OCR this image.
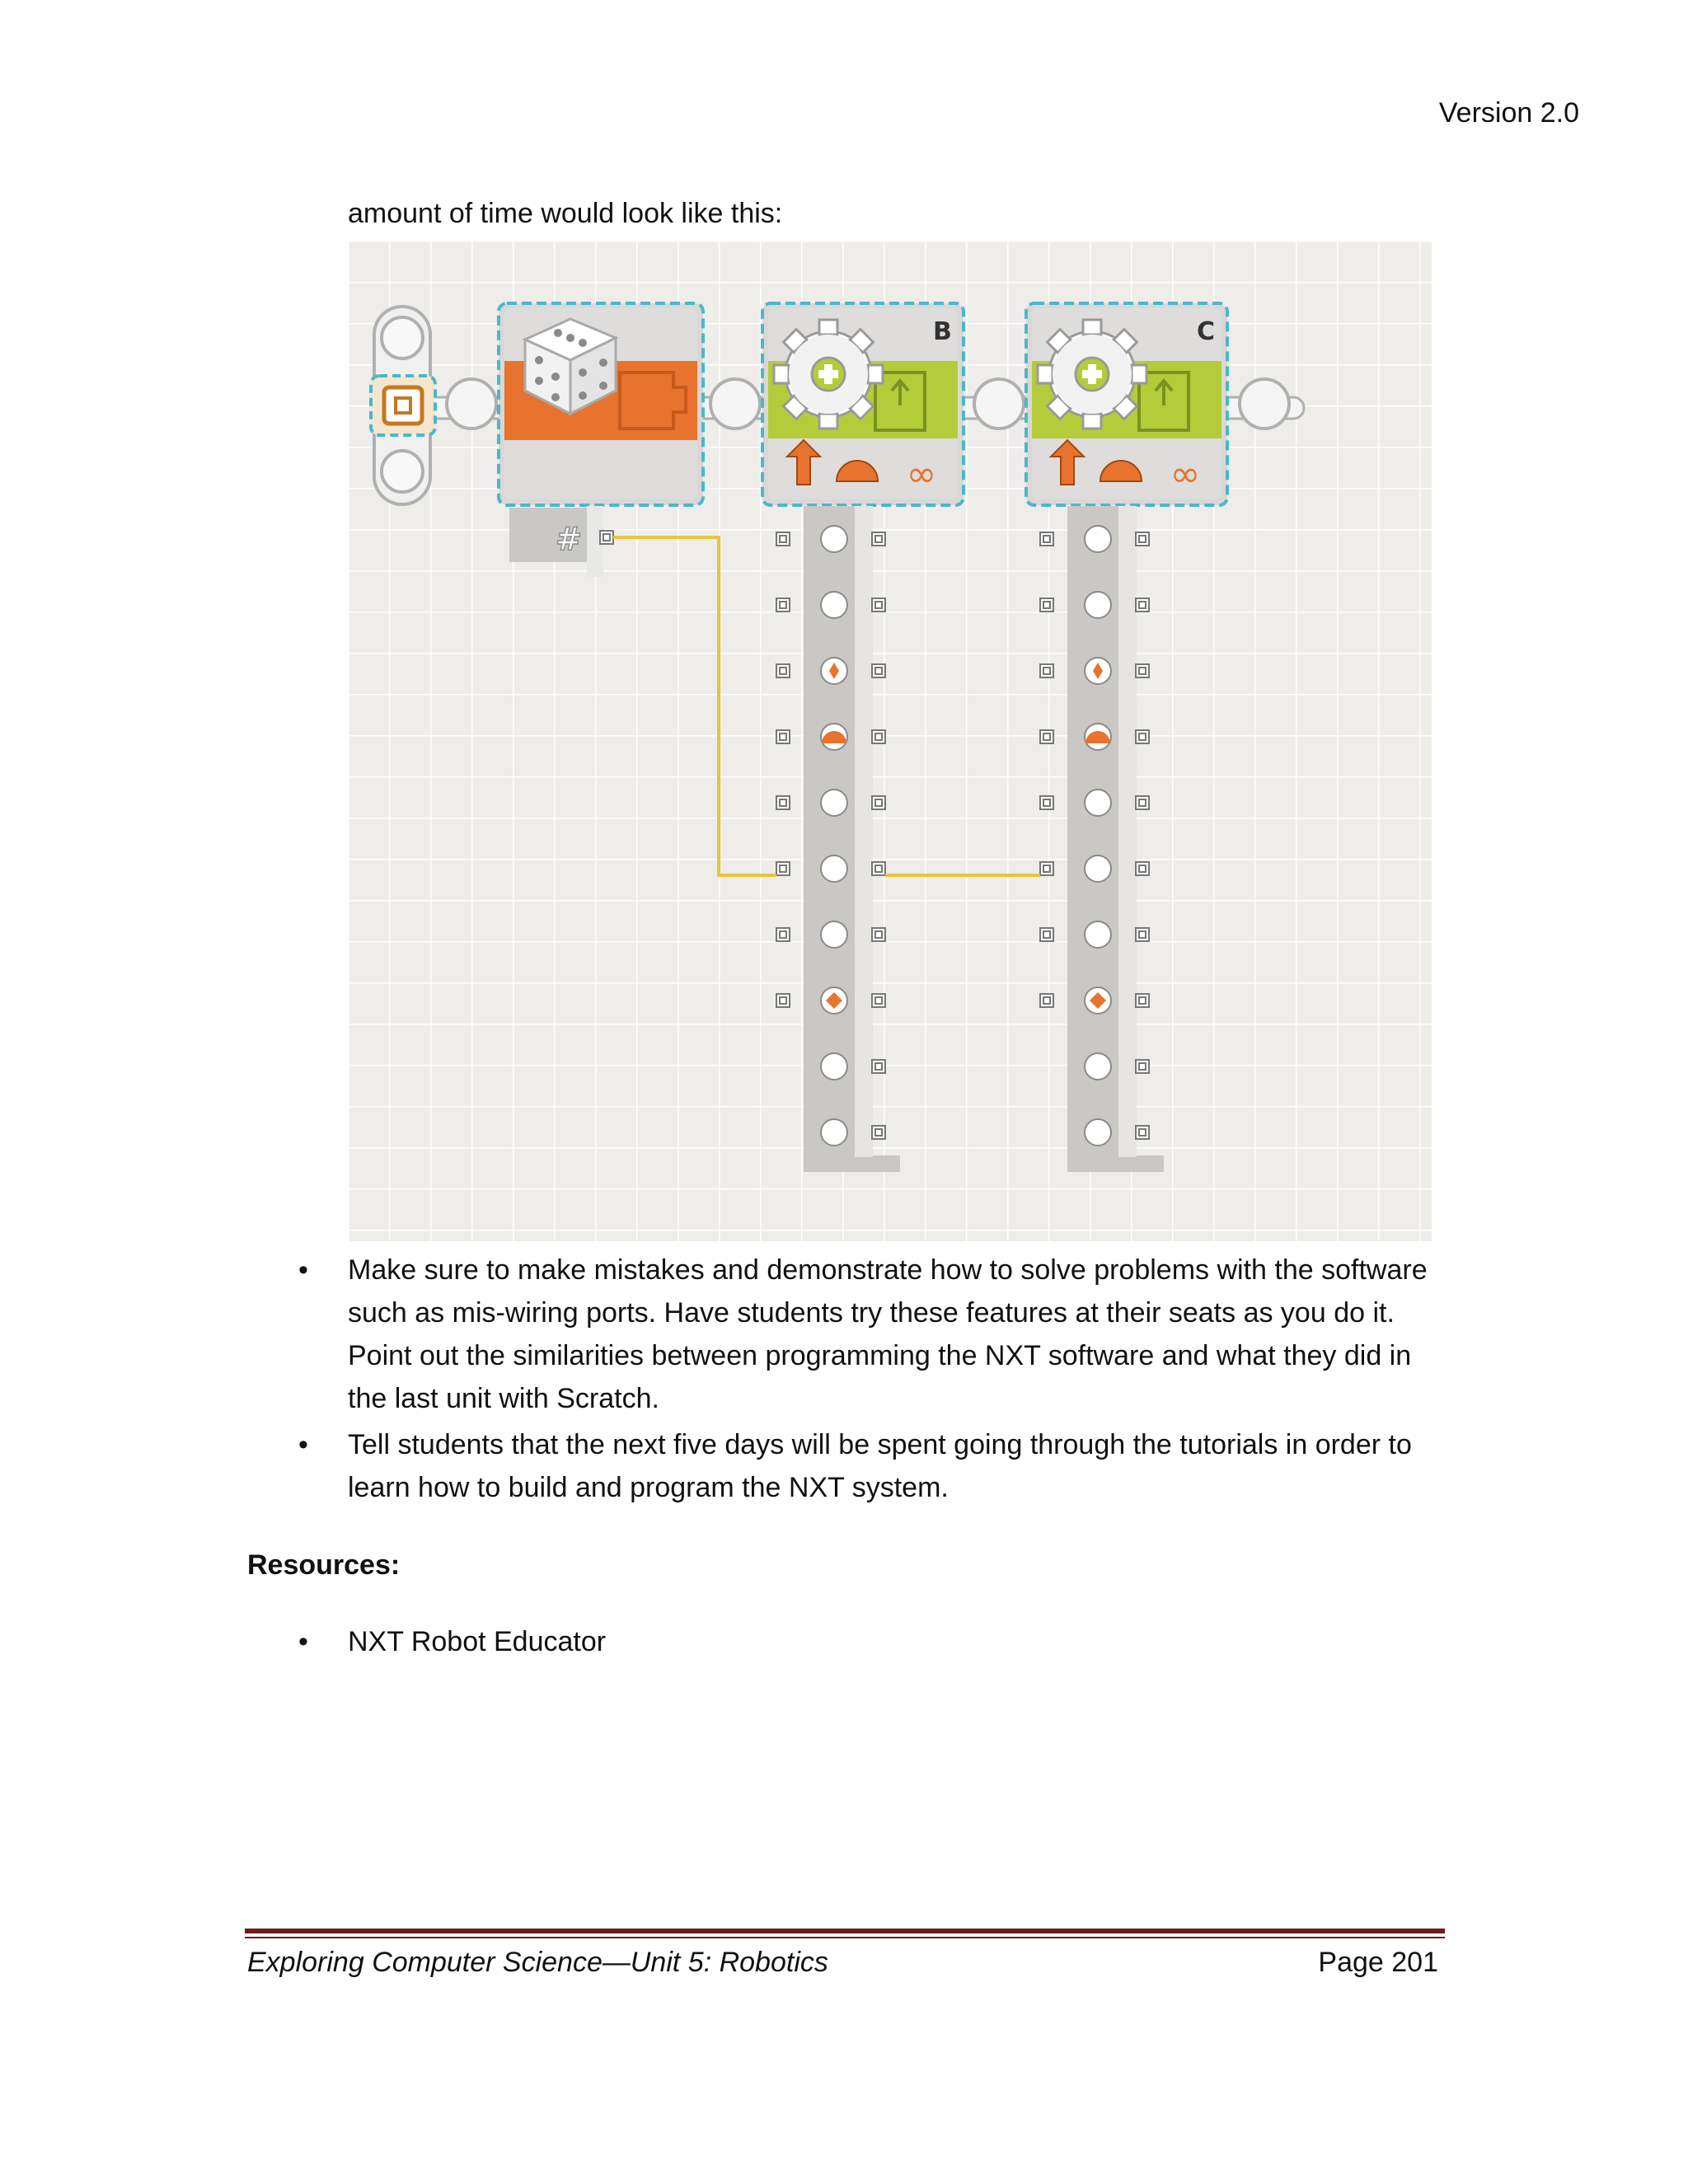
Version 2.0
amount of time would look like this:
#
B
∞
C
∞
• Make sure to make mistakes and demonstrate how to solve problems with the software such as mis-wiring ports. Have students try these features at their seats as you do it. Point out the similarities between programming the NXT software and what they did in the last unit with Scratch.
• Tell students that the next five days will be spent going through the tutorials in order to learn how to build and program the NXT system.
Resources:
• NXT Robot Educator
Exploring Computer Science—Unit 5: Robotics	Page 201
